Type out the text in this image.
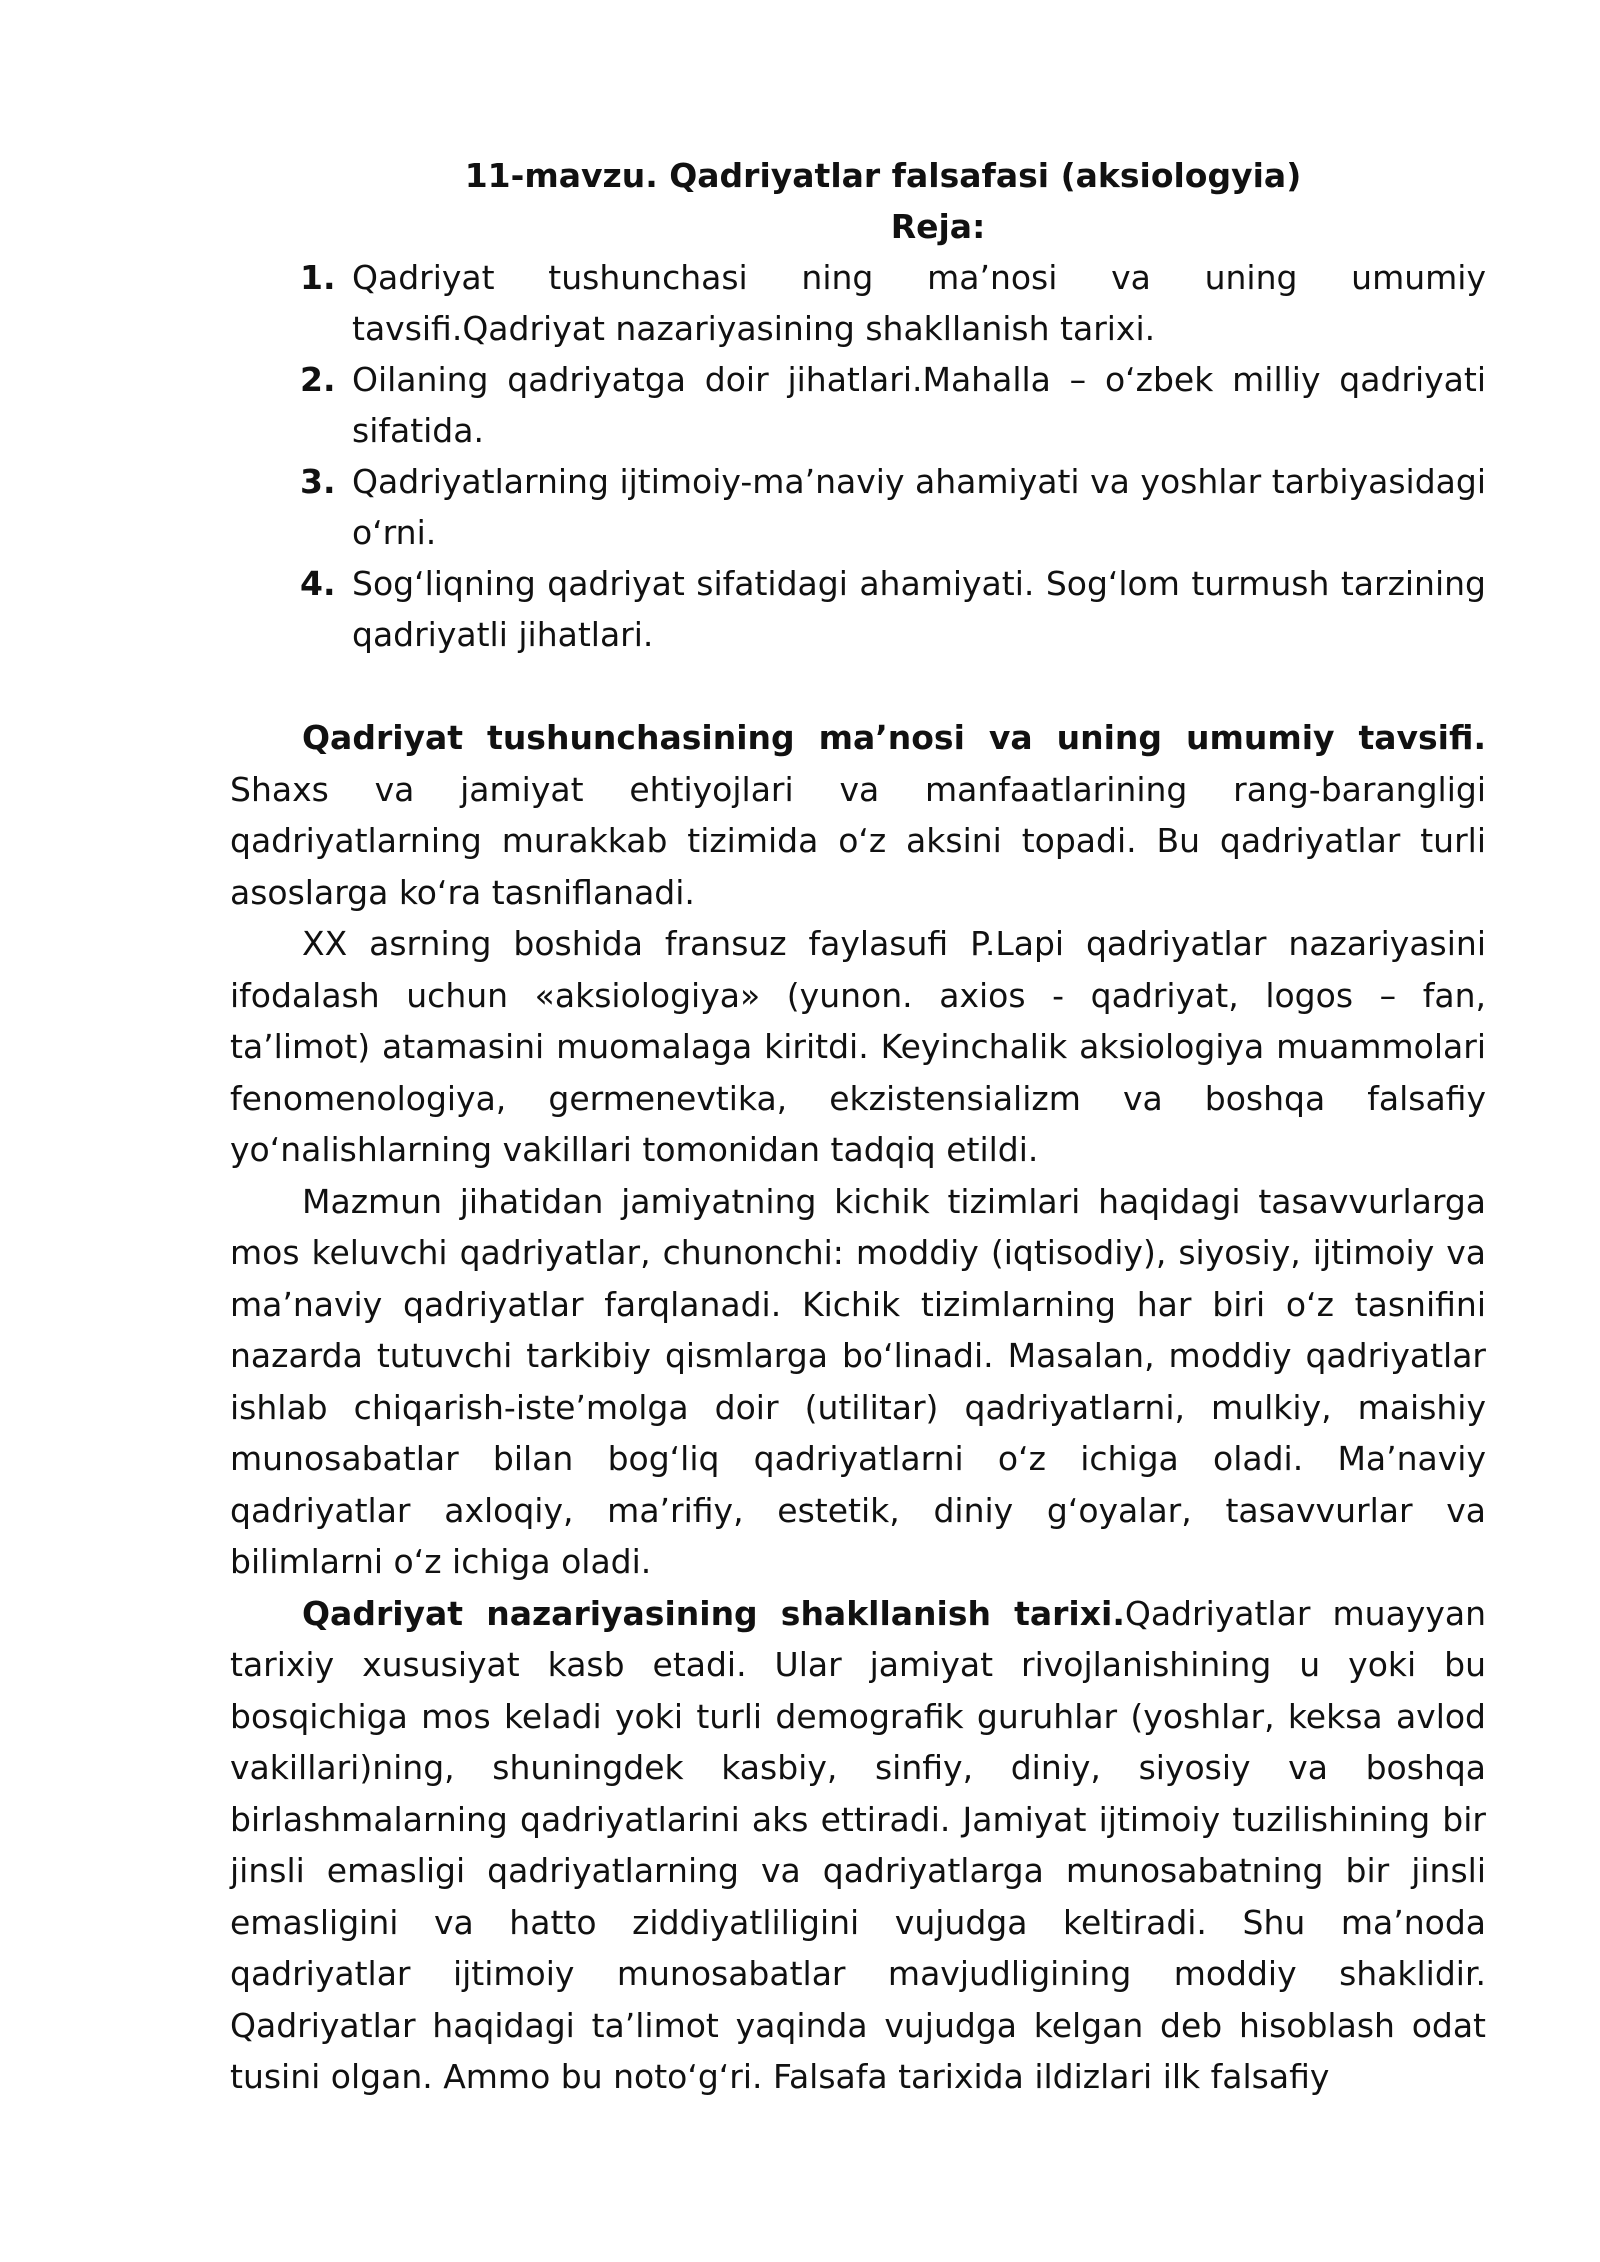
11-mavzu. Qadriyatlar falsafasi (aksiologyia)
Reja:
1. Qadriyat tushunchasi ning ma’nosi va uning umumiy tavsifi.Qadriyat nazariyasining shakllanish tarixi.
2. Oilaning qadriyatga doir jihatlari.Mahalla – o‘zbek milliy qadriyati sifatida.
3. Qadriyatlarning ijtimoiy-ma’naviy ahamiyati va yoshlar tarbiyasidagi o‘rni.
4. Sog‘liqning qadriyat sifatidagi ahamiyati. Sog‘lom turmush tarzining qadriyatli jihatlari.

Qadriyat tushunchasining ma’nosi va uning umumiy tavsifi. Shaxs va jamiyat ehtiyojlari va manfaatlarining rang-barangligi qadriyatlarning murakkab tizimida o‘z aksini topadi. Bu qadriyatlar turli asoslarga ko‘ra tasniflanadi.

XX asrning boshida fransuz faylasufi P.Lapi qadriyatlar nazariyasini ifodalash uchun «aksiologiya» (yunon. axios - qadriyat, logos – fan, ta’limot) atamasini muomalaga kiritdi. Keyinchalik aksiologiya muammolari fenomenologiya, germenevtika, ekzistensializm va boshqa falsafiy yo‘nalishlarning vakillari tomonidan tadqiq etildi.

Mazmun jihatidan jamiyatning kichik tizimlari haqidagi tasavvurlarga mos keluvchi qadriyatlar, chunonchi: moddiy (iqtisodiy), siyosiy, ijtimoiy va ma’naviy qadriyatlar farqlanadi. Kichik tizimlarning har biri o‘z tasnifini nazarda tutuvchi tarkibiy qismlarga bo‘linadi. Masalan, moddiy qadriyatlar ishlab chiqarish-iste’molga doir (utilitar) qadriyatlarni, mulkiy, maishiy munosabatlar bilan bog‘liq qadriyatlarni o‘z ichiga oladi. Ma’naviy qadriyatlar axloqiy, ma’rifiy, estetik, diniy g‘oyalar, tasavvurlar va bilimlarni o‘z ichiga oladi.

Qadriyat nazariyasining shakllanish tarixi.Qadriyatlar muayyan tarixiy xususiyat kasb etadi. Ular jamiyat rivojlanishining u yoki bu bosqichiga mos keladi yoki turli demografik guruhlar (yoshlar, keksa avlod vakillari)ning, shuningdek kasbiy, sinfiy, diniy, siyosiy va boshqa birlashmalarning qadriyatlarini aks ettiradi. Jamiyat ijtimoiy tuzilishining bir jinsli emasligi qadriyatlarning va qadriyatlarga munosabatning bir jinsli emasligini va hatto ziddiyatliligini vujudga keltiradi. Shu ma’noda qadriyatlar ijtimoiy munosabatlar mavjudligining moddiy shaklidir. Qadriyatlar haqidagi ta’limot yaqinda vujudga kelgan deb hisoblash odat tusini olgan. Ammo bu noto‘g‘ri. Falsafa tarixida ildizlari ilk falsafiy
